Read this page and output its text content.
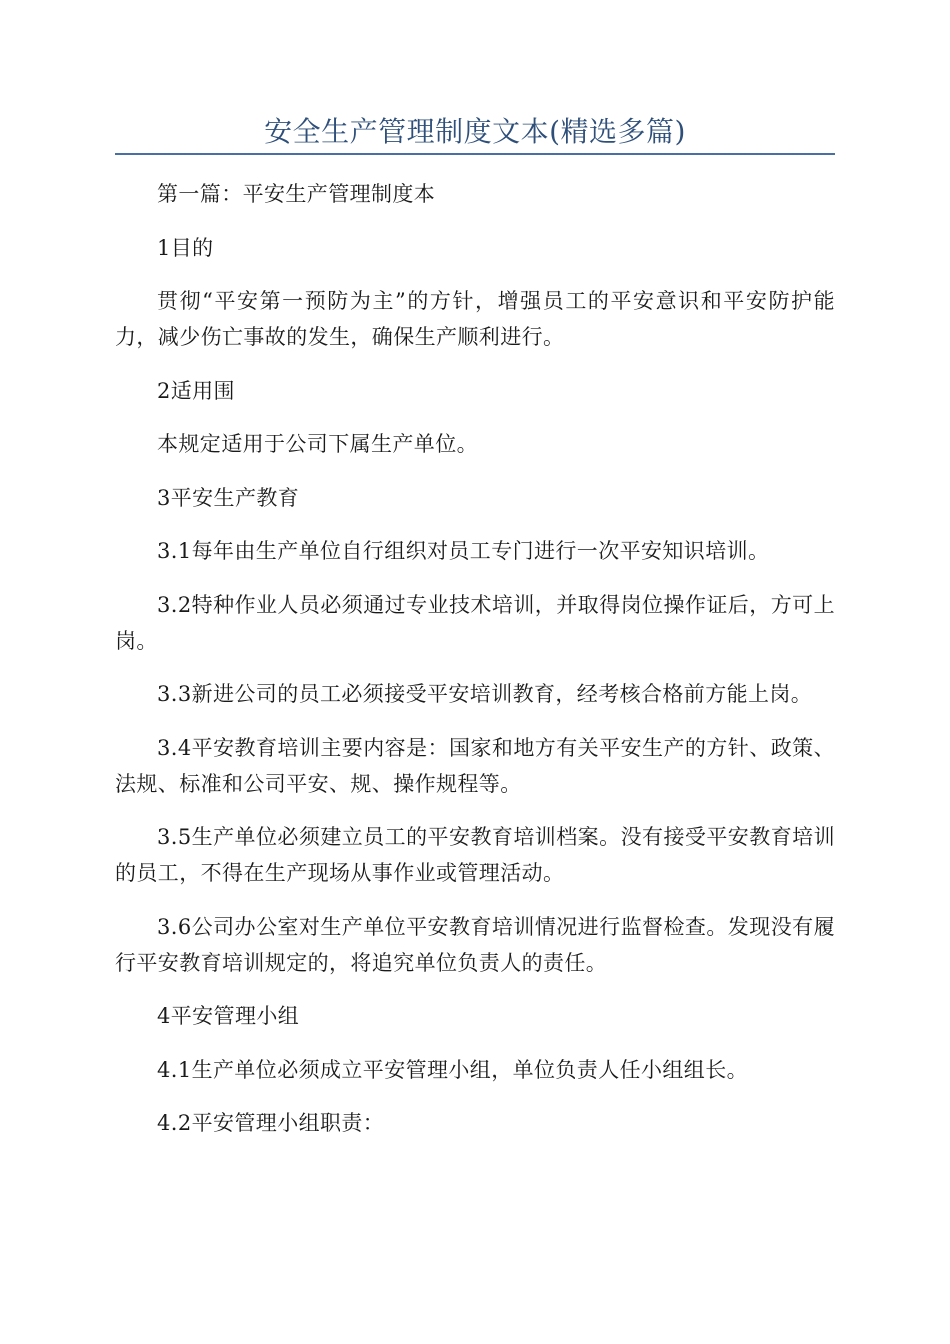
安全生产管理制度文本(精选多篇)

第一篇：平安生产管理制度本

1目的

贯彻“平安第一预防为主”的方针，增强员工的平安意识和平安防护能力，减少伤亡事故的发生，确保生产顺利进行。

2适用围

本规定适用于公司下属生产单位。

3平安生产教育

3.1每年由生产单位自行组织对员工专门进行一次平安知识培训。

3.2特种作业人员必须通过专业技术培训，并取得岗位操作证后，方可上岗。

3.3新进公司的员工必须接受平安培训教育，经考核合格前方能上岗。

3.4平安教育培训主要内容是：国家和地方有关平安生产的方针、政策、法规、标准和公司平安、规、操作规程等。

3.5生产单位必须建立员工的平安教育培训档案。没有接受平安教育培训的员工，不得在生产现场从事作业或管理活动。

3.6公司办公室对生产单位平安教育培训情况进行监督检查。发现没有履行平安教育培训规定的，将追究单位负责人的责任。

4平安管理小组

4.1生产单位必须成立平安管理小组，单位负责人任小组组长。

4.2平安管理小组职责：
